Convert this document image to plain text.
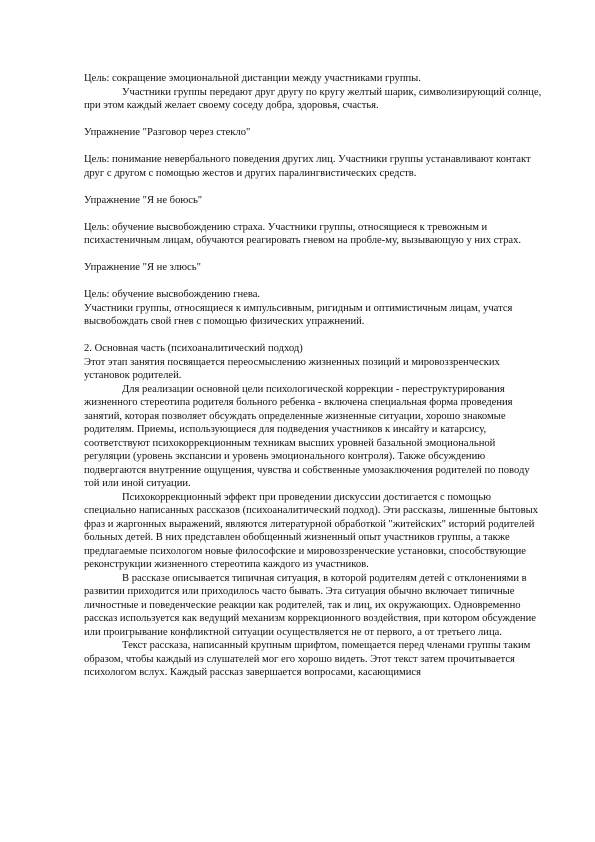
Цель: сокращение эмоциональной дистанции между участниками группы.

Участники группы передают друг другу по кругу желтый шарик, символизирующий солнце, при этом каждый желает своему соседу добра, здоровья, счастья.

Упражнение "Разговор через стекло"

Цель: понимание невербального поведения других лиц. Участники группы устанавливают контакт друг с другом с помощью жестов и других паралингвистических средств.

Упражнение "Я не боюсь"

Цель: обучение высвобождению страха. Участники группы, относящиеся к тревожным и психастеничным лицам, обучаются реагировать гневом на пробле-му, вызывающую у них страх.

Упражнение "Я не злюсь"

Цель: обучение высвобождению гнева.

Участники группы, относящиеся к импульсивным, ригидным и оптимистичным лицам, учатся высвобождать свой гнев с помощью физических упражнений.

2. Основная часть (психоаналитический подход)

Этот этап занятия посвящается переосмыслению жизненных позиций и мировоззренческих установок родителей.

Для реализации основной цели психологической коррекции - переструктурирования жизненного стереотипа родителя больного ребенка - включена специальная форма проведения занятий, которая позволяет обсуждать определенные жизненные ситуации, хорошо знакомые родителям. Приемы, использующиеся для подведения участников к инсайту и катарсису, соответствуют психокоррекционным техникам высших уровней базальной эмоциональной регуляции (уровень экспансии и уровень эмоционального контроля). Также обсуждению подвергаются внутренние ощущения, чувства и собственные умозаключения родителей по поводу той или иной ситуации.

Психокоррекционный эффект при проведении дискуссии достигается с помощью специально написанных рассказов (психоаналитический подход). Эти рассказы, лишенные бытовых фраз и жаргонных выражений, являются литературной обработкой "житейских" историй родителей больных детей. В них представлен обобщенный жизненный опыт участников группы, а также предлагаемые психологом новые философские и мировоззренческие установки, способствующие реконструкции жизненного стереотипа каждого из участников.

В рассказе описывается типичная ситуация, в которой родителям детей с отклонениями в развитии приходится или приходилось часто бывать. Эта ситуация обычно включает типичные личностные и поведенческие реакции как родителей, так и лиц, их окружающих. Одновременно рассказ используется как ведущий механизм коррекционного воздействия, при котором обсуждение или проигрывание конфликтной ситуации осуществляется не от первого, а от третьего лица.

Текст рассказа, написанный крупным шрифтом, помещается перед членами группы таким образом, чтобы каждый из слушателей мог его хорошо видеть. Этот текст затем прочитывается психологом вслух. Каждый рассказ завершается вопросами, касающимися
